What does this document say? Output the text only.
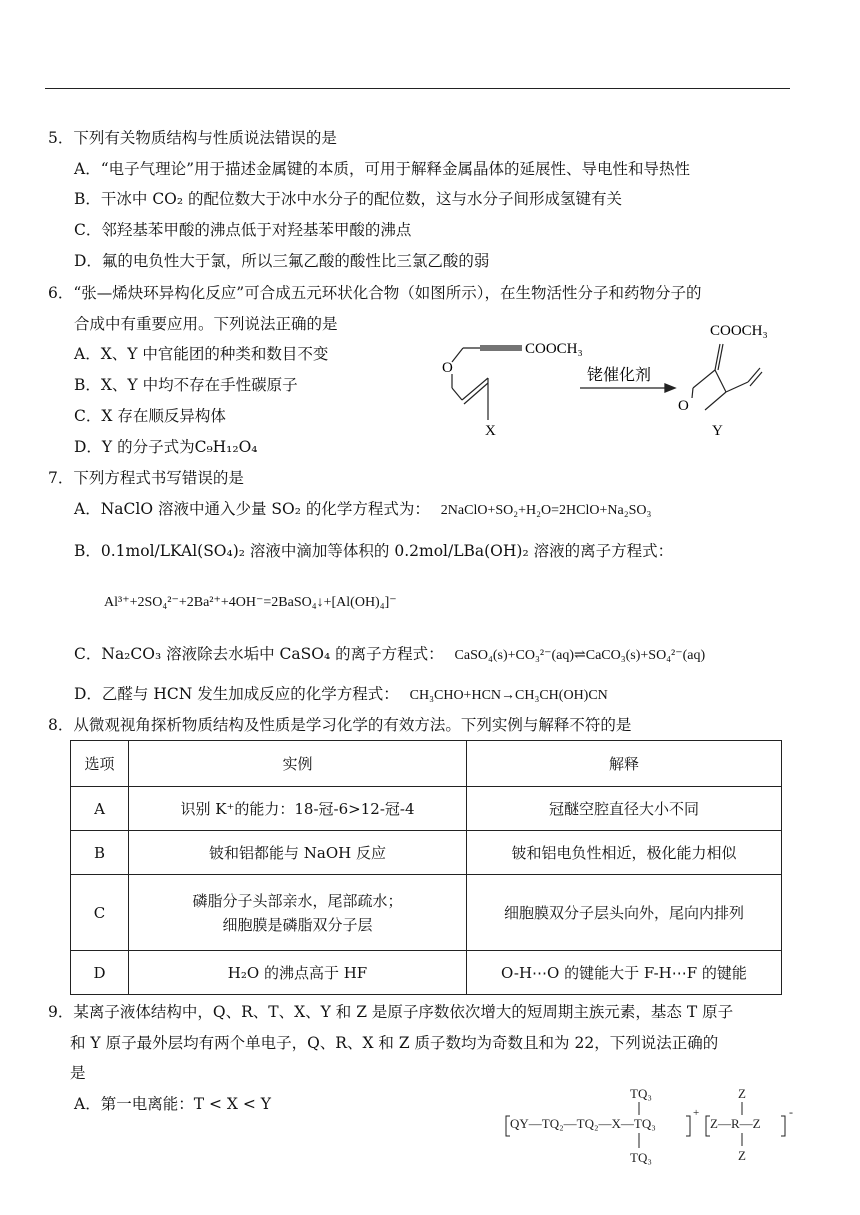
5．下列有关物质结构与性质说法错误的是
A．“电子气理论”用于描述金属键的本质，可用于解释金属晶体的延展性、导电性和导热性
B．干冰中 CO₂ 的配位数大于冰中水分子的配位数，这与水分子间形成氢键有关
C．邻羟基苯甲酸的沸点低于对羟基苯甲酸的沸点
D．氟的电负性大于氯，所以三氟乙酸的酸性比三氯乙酸的弱
6．“张—烯炔环异构化反应”可合成五元环状化合物（如图所示），在生物活性分子和药物分子的
合成中有重要应用。下列说法正确的是
A．X、Y 中官能团的种类和数目不变
B．X、Y 中均不存在手性碳原子
C．X 存在顺反异构体
D．Y 的分子式为C₉H₁₂O₄
O
COOCH₃
X
铑催化剂
O
COOCH₃
Y
7．下列方程式书写错误的是
A．NaClO 溶液中通入少量 SO₂ 的化学方程式为： 2NaClO+SO₂+H₂O=2HClO+Na₂SO₃
B．0.1mol/LKAl(SO₄)₂ 溶液中滴加等体积的 0.2mol/LBa(OH)₂ 溶液的离子方程式：
Al³⁺+2SO₄²⁻+2Ba²⁺+4OH⁻=2BaSO₄↓+[Al(OH)₄]⁻
C．Na₂CO₃ 溶液除去水垢中 CaSO₄ 的离子方程式： CaSO₄(s)+CO₃²⁻(aq)⇌CaCO₃(s)+SO₄²⁻(aq)
D．乙醛与 HCN 发生加成反应的化学方程式： CH₃CHO+HCN→CH₃CH(OH)CN
8．从微观视角探析物质结构及性质是学习化学的有效方法。下列实例与解释不符的是
选项	实例	解释
A	识别 K⁺的能力：18-冠-6>12-冠-4	冠醚空腔直径大小不同
B	铍和铝都能与 NaOH 反应	铍和铝电负性相近，极化能力相似
C	磷脂分子头部亲水，尾部疏水；
细胞膜是磷脂双分子层	细胞膜双分子层头向外，尾向内排列
D	H₂O 的沸点高于 HF	O-H⋯O 的键能大于 F-H⋯F 的键能
9．某离子液体结构中，Q、R、T、X、Y 和 Z 是原子序数依次增大的短周期主族元素，基态 T 原子
和 Y 原子最外层均有两个单电子，Q、R、X 和 Z 质子数均为奇数且和为 22，下列说法正确的
是
A．第一电离能：T < X < Y
TQ₃
QY—TQ₂—TQ₂—X—TQ₃
TQ₃
+
Z
Z—R—Z
Z
-
